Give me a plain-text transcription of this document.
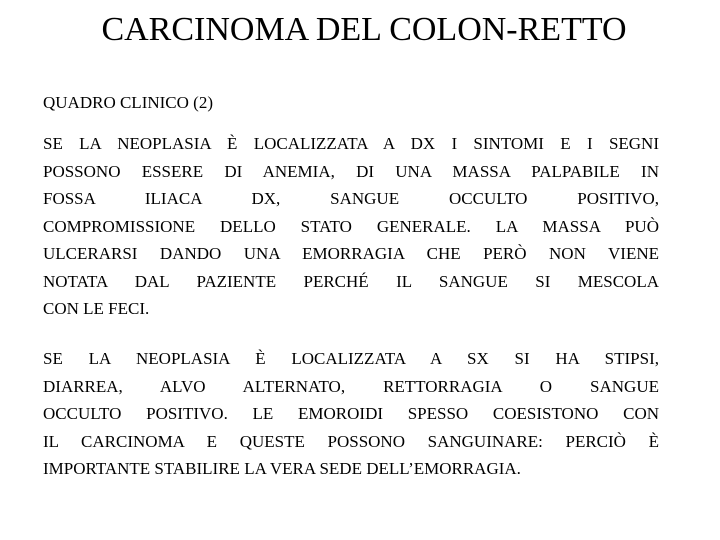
CARCINOMA DEL COLON-RETTO

QUADRO CLINICO (2)

SE LA NEOPLASIA È LOCALIZZATA A DX I SINTOMI E I SEGNI
POSSONO ESSERE DI ANEMIA, DI UNA MASSA PALPABILE IN
FOSSA ILIACA DX, SANGUE OCCULTO POSITIVO,
COMPROMISSIONE DELLO STATO GENERALE. LA MASSA PUÒ
ULCERARSI DANDO UNA EMORRAGIA CHE PERÒ NON VIENE
NOTATA DAL PAZIENTE PERCHÉ IL SANGUE SI MESCOLA
CON LE FECI.
SE LA NEOPLASIA È LOCALIZZATA A SX SI HA STIPSI,
DIARREA, ALVO ALTERNATO, RETTORRAGIA O SANGUE
OCCULTO POSITIVO. LE EMOROIDI SPESSO COESISTONO CON
IL CARCINOMA E QUESTE POSSONO SANGUINARE: PERCIÒ È
IMPORTANTE STABILIRE LA VERA SEDE DELL’EMORRAGIA.
